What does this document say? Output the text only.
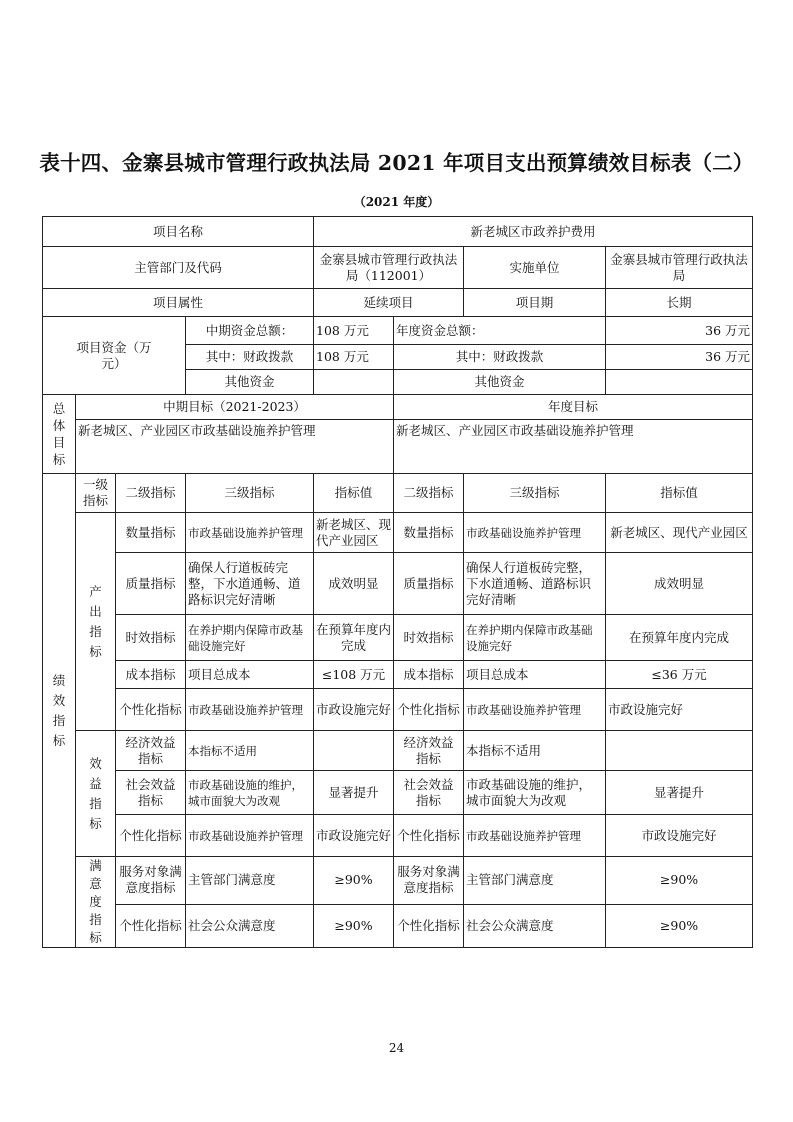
表十四、金寨县城市管理行政执法局 2021 年项目支出预算绩效目标表（二）
（2021 年度）
项目名称				新老城区市政养护费用			
主管部门及代码				金寨县城市管理行政执法局（112001）		实施单位	金寨县城市管理行政执法局
项目属性				延续项目		项目期	长期
项目资金（万元）			中期资金总额：	108 万元	年度资金总额：		36 万元
			其中：财政拨款	108 万元	其中：财政拨款		36 万元
			其他资金		其他资金		
总体目标	中期目标（2021-2023）				年度目标		
	新老城区、产业园区市政基础设施养护管理				新老城区、产业园区市政基础设施养护管理		
绩效指标	一级指标	二级指标	三级指标	指标值	二级指标	三级指标	指标值
	产出指标	数量指标	市政基础设施养护管理	新老城区、现代产业园区	数量指标	市政基础设施养护管理	新老城区、现代产业园区
		质量指标	确保人行道板砖完整，下水道通畅、道路标识完好清晰	成效明显	质量指标	确保人行道板砖完整，下水道通畅、道路标识完好清晰	成效明显
		时效指标	在养护期内保障市政基础设施完好	在预算年度内完成	时效指标	在养护期内保障市政基础设施完好	在预算年度内完成
		成本指标	项目总成本	≤108 万元	成本指标	项目总成本	≤36 万元
		个性化指标	市政基础设施养护管理	市政设施完好	个性化指标	市政基础设施养护管理	市政设施完好
	效益指标	经济效益指标	本指标不适用		经济效益指标	本指标不适用	
		社会效益指标	市政基础设施的维护，城市面貌大为改观	显著提升	社会效益指标	市政基础设施的维护，城市面貌大为改观	显著提升
		个性化指标	市政基础设施养护管理	市政设施完好	个性化指标	市政基础设施养护管理	市政设施完好
	满意度指标	服务对象满意度指标	主管部门满意度	≥90%	服务对象满意度指标	主管部门满意度	≥90%
		个性化指标	社会公众满意度	≥90%	个性化指标	社会公众满意度	≥90%
24
